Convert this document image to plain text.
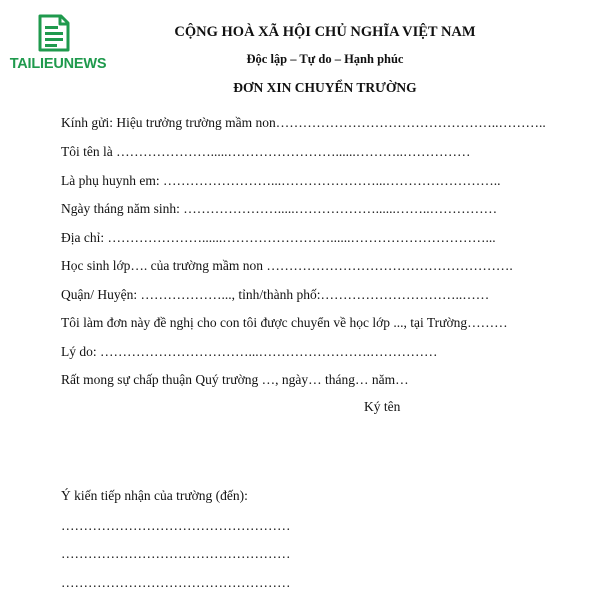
TAILIEUNEWS
CỘNG HOÀ XÃ HỘI CHỦ NGHĨA VIỆT NAM
Độc lập – Tự do – Hạnh phúc
ĐƠN XIN CHUYỂN TRƯỜNG
Kính gửi: Hiệu trưởng trường mầm non…………………………………………..………..
Tôi tên là ………………….....……………………......………..……………
Là phụ huynh em: ……………………...…………………...……………………..
Ngày tháng năm sinh: ………………….....………………......……..……………
Địa chỉ: …………………......……………………......…………………………...
Học sinh lớp…. của trường mầm non ……………………………………………….
Quận/ Huyện: ………………..., tỉnh/thành phố:…………………………..……
Tôi làm đơn này đề nghị cho con tôi được chuyển về học lớp ..., tại Trường………
Lý do: ……………………………...…………………….……………
Rất mong sự chấp thuận Quý trường …, ngày… tháng… năm…
Ký tên
Ý kiến tiếp nhận của trường (đến):
……………………………………………
……………………………………………
……………………………………………
